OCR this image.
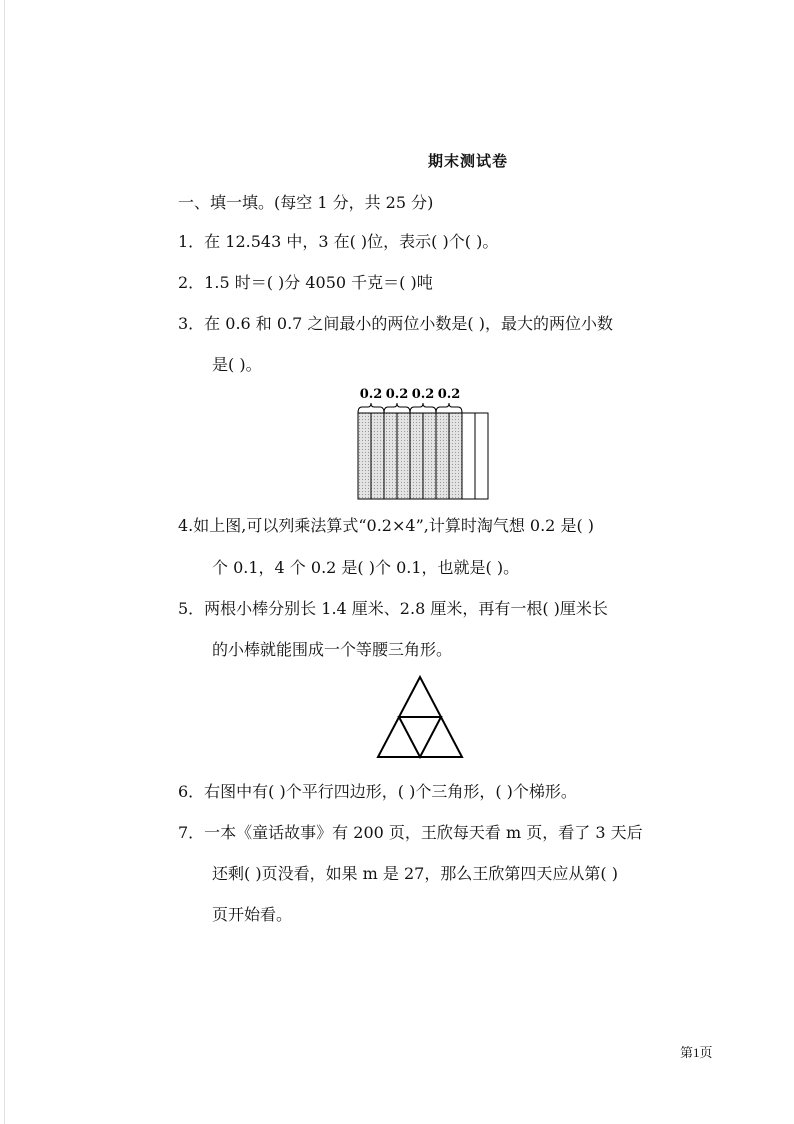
期末测试卷
一、填一填。(每空 1 分，共 25 分)
1．在 12.543 中，3 在( )位，表示( )个( )。
2．1.5 时＝( )分 4050 千克＝( )吨
3．在 0.6 和 0.7 之间最小的两位小数是( )，最大的两位小数
是( )。
0.2 0.2 0.2 0.2
4.如上图,可以列乘法算式“0.2×4”,计算时淘气想 0.2 是( )
个 0.1，4 个 0.2 是( )个 0.1，也就是( )。
5．两根小棒分别长 1.4 厘米、2.8 厘米，再有一根( )厘米长
的小棒就能围成一个等腰三角形。
6．右图中有( )个平行四边形，( )个三角形，( )个梯形。
7．一本《童话故事》有 200 页，王欣每天看 m 页，看了 3 天后
还剩( )页没看，如果 m 是 27，那么王欣第四天应从第( )
页开始看。
第1页
